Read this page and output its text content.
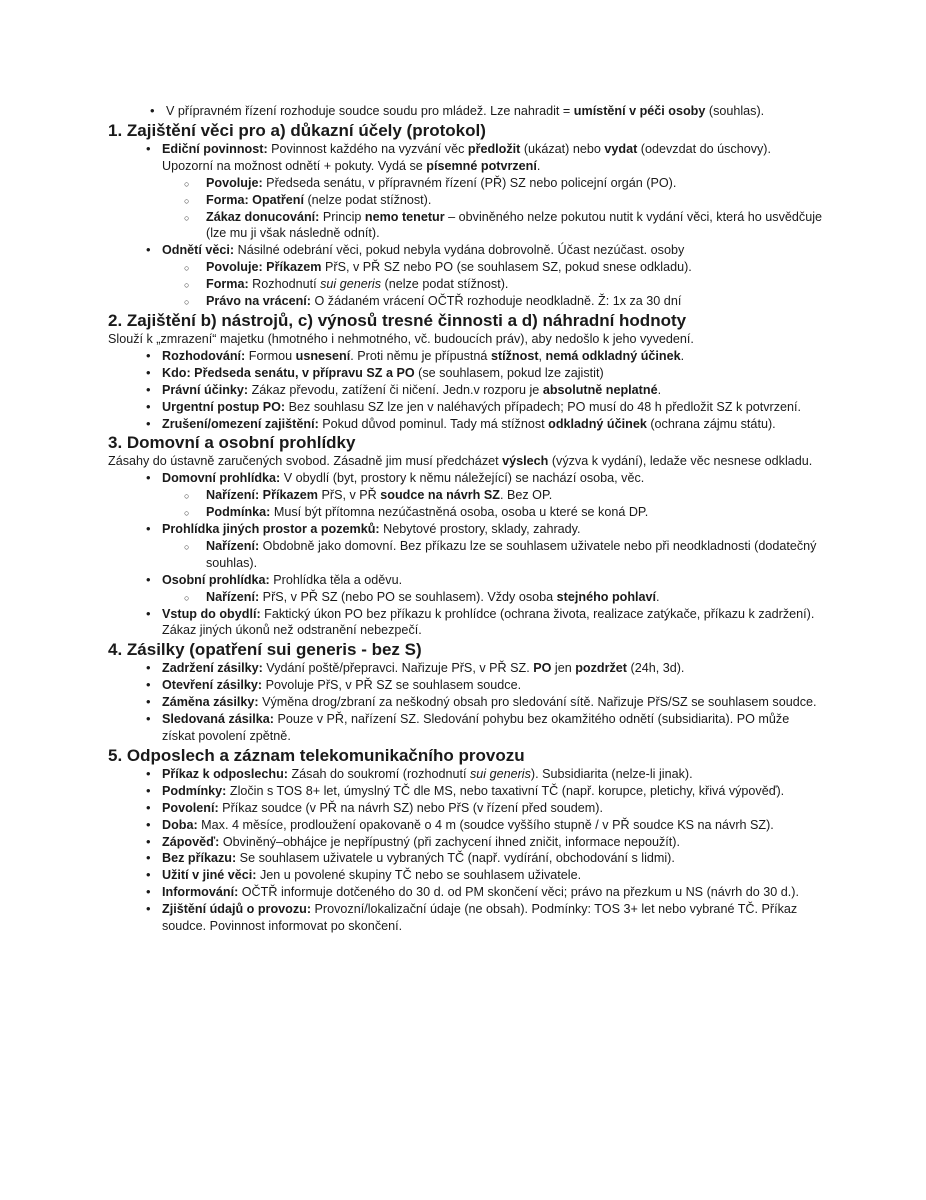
• V přípravném řízení rozhoduje soudce soudu pro mládež. Lze nahradit = umístění v péči osoby (souhlas).
1. Zajištění věci pro a) důkazní účely (protokol)
• Ediční povinnost: Povinnost každého na vyzvání věc předložit (ukázat) nebo vydat (odevzdat do úschovy). Upozorní na možnost odnětí + pokuty. Vydá se písemné potvrzení.
○ Povoluje: Předseda senátu, v přípravném řízení (PŘ) SZ nebo policejní orgán (PO).
○ Forma: Opatření (nelze podat stížnost).
○ Zákaz donucování: Princip nemo tenetur – obviněného nelze pokutou nutit k vydání věci, která ho usvědčuje (lze mu ji však následně odnít).
• Odnětí věci: Násilné odebrání věci, pokud nebyla vydána dobrovolně. Účast nezúčast. osoby
○ Povoluje: Příkazem PřS, v PŘ SZ nebo PO (se souhlasem SZ, pokud snese odkladu).
○ Forma: Rozhodnutí sui generis (nelze podat stížnost).
○ Právo na vrácení: O žádaném vrácení OČTŘ rozhoduje neodkladně. Ž: 1x za 30 dní
2. Zajištění b) nástrojů, c) výnosů tresné činnosti a d) náhradní hodnoty

Slouží k „zmrazení“ majetku (hmotného i nehmotného, vč. budoucích práv), aby nedošlo k jeho vyvedení.

• Rozhodování: Formou usnesení. Proti němu je přípustná stížnost, nemá odkladný účinek.
• Kdo: Předseda senátu, v přípravu SZ a PO (se souhlasem, pokud lze zajistit)
• Právní účinky: Zákaz převodu, zatížení či ničení. Jedn.v rozporu je absolutně neplatné.
• Urgentní postup PO: Bez souhlasu SZ lze jen v naléhavých případech; PO musí do 48 h předložit SZ k potvrzení.
• Zrušení/omezení zajištění: Pokud důvod pominul. Tady má stížnost odkladný účinek (ochrana zájmu státu).
3. Domovní a osobní prohlídky

Zásahy do ústavně zaručených svobod. Zásadně jim musí předcházet výslech (výzva k vydání), ledaže věc nesnese odkladu.

• Domovní prohlídka: V obydlí (byt, prostory k němu náležející) se nachází osoba, věc.
○ Nařízení: Příkazem PřS, v PŘ soudce na návrh SZ. Bez OP.
○ Podmínka: Musí být přítomna nezúčastněná osoba, osoba u které se koná DP.
• Prohlídka jiných prostor a pozemků: Nebytové prostory, sklady, zahrady.
○ Nařízení: Obdobně jako domovní. Bez příkazu lze se souhlasem uživatele nebo při neodkladnosti (dodatečný souhlas).
• Osobní prohlídka: Prohlídka těla a oděvu.
○ Nařízení: PřS, v PŘ SZ (nebo PO se souhlasem). Vždy osoba stejného pohlaví.
• Vstup do obydlí: Faktický úkon PO bez příkazu k prohlídce (ochrana života, realizace zatýkače, příkazu k zadržení). Zákaz jiných úkonů než odstranění nebezpečí.
4. Zásilky (opatření sui generis - bez S)
• Zadržení zásilky: Vydání poště/přepravci. Nařizuje PřS, v PŘ SZ. PO jen pozdržet (24h, 3d).
• Otevření zásilky: Povoluje PřS, v PŘ SZ se souhlasem soudce.
• Záměna zásilky: Výměna drog/zbraní za neškodný obsah pro sledování sítě. Nařizuje PřS/SZ se souhlasem soudce.
• Sledovaná zásilka: Pouze v PŘ, nařízení SZ. Sledování pohybu bez okamžitého odnětí (subsidiarita). PO může získat povolení zpětně.
5. Odposlech a záznam telekomunikačního provozu
• Příkaz k odposlechu: Zásah do soukromí (rozhodnutí sui generis). Subsidiarita (nelze-li jinak).
• Podmínky: Zločin s TOS 8+ let, úmyslný TČ dle MS, nebo taxativní TČ (např. korupce, pletichy, křivá výpověď).
• Povolení: Příkaz soudce (v PŘ na návrh SZ) nebo PřS (v řízení před soudem).
• Doba: Max. 4 měsíce, prodloužení opakovaně o 4 m (soudce vyššího stupně / v PŘ soudce KS na návrh SZ).
• Zápověď: Obviněný–obhájce je nepřípustný (při zachycení ihned zničit, informace nepoužít).
• Bez příkazu: Se souhlasem uživatele u vybraných TČ (např. vydírání, obchodování s lidmi).
• Užití v jiné věci: Jen u povolené skupiny TČ nebo se souhlasem uživatele.
• Informování: OČTŘ informuje dotčeného do 30 d. od PM skončení věci; právo na přezkum u NS (návrh do 30 d.).
• Zjištění údajů o provozu: Provozní/lokalizační údaje (ne obsah). Podmínky: TOS 3+ let nebo vybrané TČ. Příkaz soudce. Povinnost informovat po skončení.
